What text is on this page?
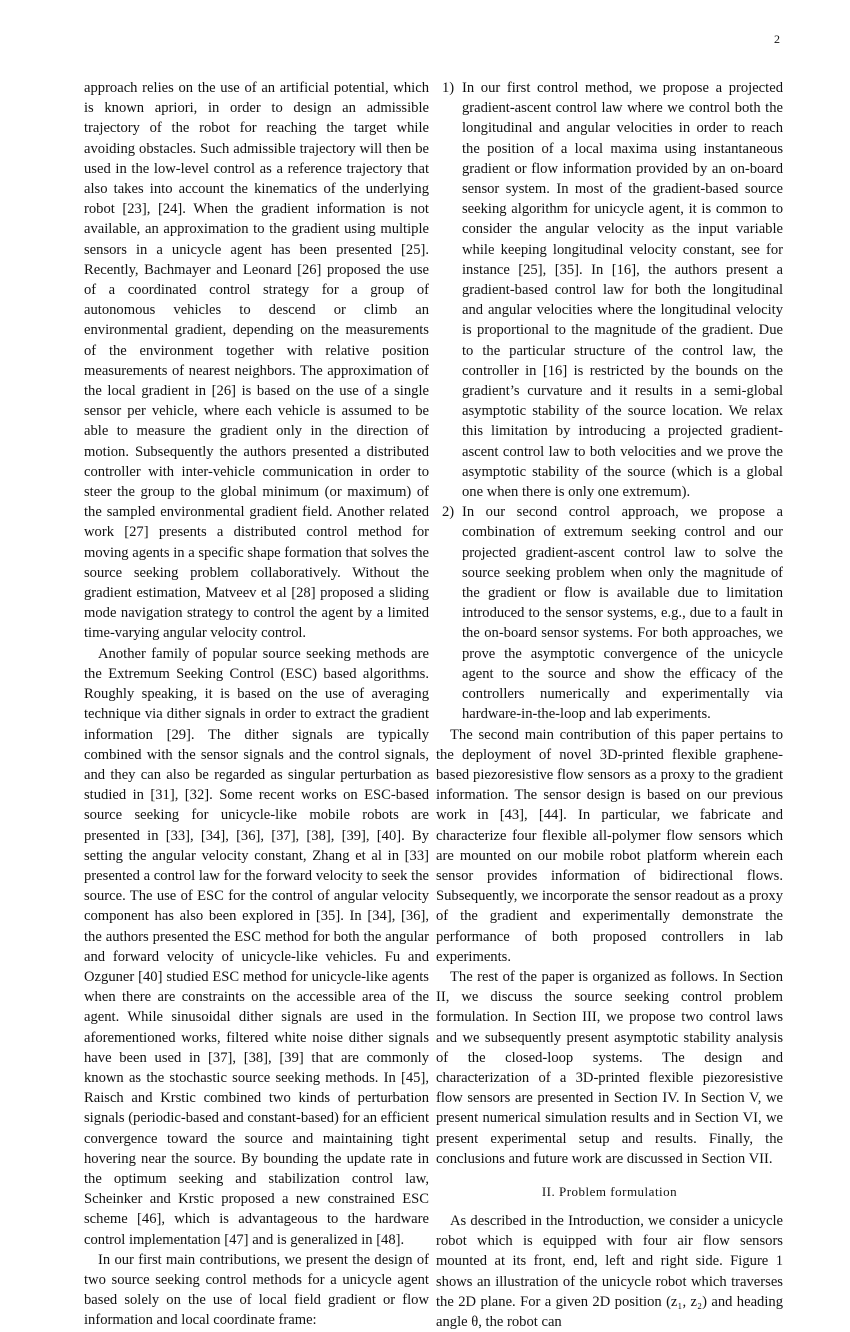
2

approach relies on the use of an artificial potential, which is known apriori, in order to design an admissible trajectory of the robot for reaching the target while avoiding obstacles. Such admissible trajectory will then be used in the low-level control as a reference trajectory that also takes into account the kinematics of the underlying robot [23], [24]. When the gradient information is not available, an approximation to the gradient using multiple sensors in a unicycle agent has been presented [25]. Recently, Bachmayer and Leonard [26] proposed the use of a coordinated control strategy for a group of autonomous vehicles to descend or climb an environmental gradient, depending on the measurements of the environment together with relative position measurements of nearest neighbors. The approximation of the local gradient in [26] is based on the use of a single sensor per vehicle, where each vehicle is assumed to be able to measure the gradient only in the direction of motion. Subsequently the authors presented a distributed controller with inter-vehicle communication in order to steer the group to the global minimum (or maximum) of the sampled environmental gradient field. Another related work [27] presents a distributed control method for moving agents in a specific shape formation that solves the source seeking problem collaboratively. Without the gradient estimation, Matveev et al [28] proposed a sliding mode navigation strategy to control the agent by a limited time-varying angular velocity control.

Another family of popular source seeking methods are the Extremum Seeking Control (ESC) based algorithms. Roughly speaking, it is based on the use of averaging technique via dither signals in order to extract the gradient information [29]. The dither signals are typically combined with the sensor signals and the control signals, and they can also be regarded as singular perturbation as studied in [31], [32]. Some recent works on ESC-based source seeking for unicycle-like mobile robots are presented in [33], [34], [36], [37], [38], [39], [40]. By setting the angular velocity constant, Zhang et al in [33] presented a control law for the forward velocity to seek the source. The use of ESC for the control of angular velocity component has also been explored in [35]. In [34], [36], the authors presented the ESC method for both the angular and forward velocity of unicycle-like vehicles. Fu and Ozguner [40] studied ESC method for unicycle-like agents when there are constraints on the accessible area of the agent. While sinusoidal dither signals are used in the aforementioned works, filtered white noise dither signals have been used in [37], [38], [39] that are commonly known as the stochastic source seeking methods. In [45], Raisch and Krstic combined two kinds of perturbation signals (periodic-based and constant-based) for an efficient convergence toward the source and maintaining tight hovering near the source. By bounding the update rate in the optimum seeking and stabilization control law, Scheinker and Krstic proposed a new constrained ESC scheme [46], which is advantageous to the hardware control implementation [47] and is generalized in [48].

In our first main contributions, we present the design of two source seeking control methods for a unicycle agent based solely on the use of local field gradient or flow information and local coordinate frame:

1) In our first control method, we propose a projected gradient-ascent control law where we control both the longitudinal and angular velocities in order to reach the position of a local maxima using instantaneous gradient or flow information provided by an on-board sensor system. In most of the gradient-based source seeking algorithm for unicycle agent, it is common to consider the angular velocity as the input variable while keeping longitudinal velocity constant, see for instance [25], [35]. In [16], the authors present a gradient-based control law for both the longitudinal and angular velocities where the longitudinal velocity is proportional to the magnitude of the gradient. Due to the particular structure of the control law, the controller in [16] is restricted by the bounds on the gradient’s curvature and it results in a semi-global asymptotic stability of the source location. We relax this limitation by introducing a projected gradient-ascent control law to both velocities and we prove the asymptotic stability of the source (which is a global one when there is only one extremum).
2) In our second control approach, we propose a combination of extremum seeking control and our projected gradient-ascent control law to solve the source seeking problem when only the magnitude of the gradient or flow is available due to limitation introduced to the sensor systems, e.g., due to a fault in the on-board sensor systems. For both approaches, we prove the asymptotic convergence of the unicycle agent to the source and show the efficacy of the controllers numerically and experimentally via hardware-in-the-loop and lab experiments.

The second main contribution of this paper pertains to the deployment of novel 3D-printed flexible graphene-based piezoresistive flow sensors as a proxy to the gradient information. The sensor design is based on our previous work in [43], [44]. In particular, we fabricate and characterize four flexible all-polymer flow sensors which are mounted on our mobile robot platform wherein each sensor provides information of bidirectional flows. Subsequently, we incorporate the sensor readout as a proxy of the gradient and experimentally demonstrate the performance of both proposed controllers in lab experiments.

The rest of the paper is organized as follows. In Section II, we discuss the source seeking control problem formulation. In Section III, we propose two control laws and we subsequently present asymptotic stability analysis of the closed-loop systems. The design and characterization of a 3D-printed flexible piezoresistive flow sensors are presented in Section IV. In Section V, we present numerical simulation results and in Section VI, we present experimental setup and results. Finally, the conclusions and future work are discussed in Section VII.

II. Problem formulation

As described in the Introduction, we consider a unicycle robot which is equipped with four air flow sensors mounted at its front, end, left and right side. Figure 1 shows an illustration of the unicycle robot which traverses the 2D plane. For a given 2D position (z₁, z₂) and heading angle θ, the robot can
